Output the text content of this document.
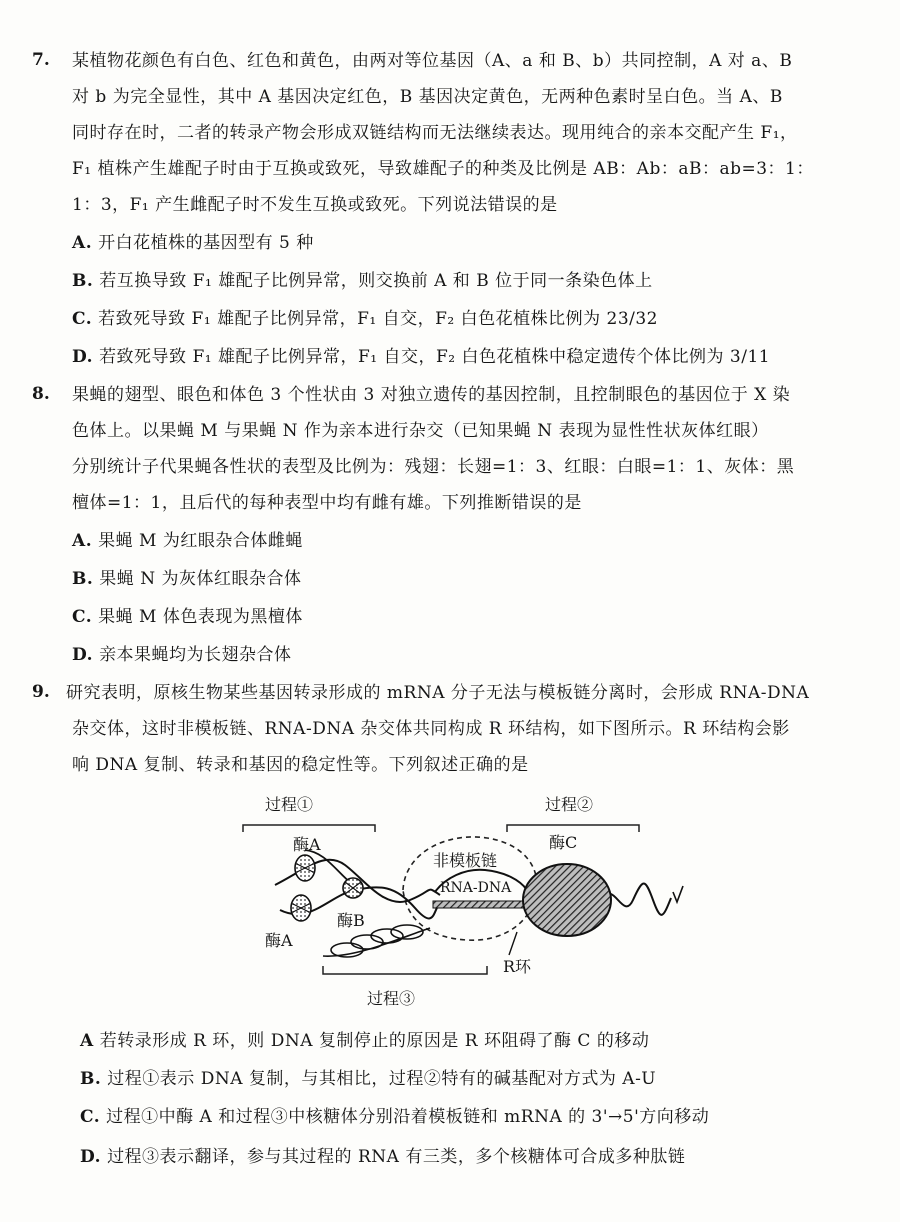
7. 某植物花颜色有白色、红色和黄色，由两对等位基因（A、a 和 B、b）共同控制，A 对 a、B
对 b 为完全显性，其中 A 基因决定红色，B 基因决定黄色，无两种色素时呈白色。当 A、B
同时存在时，二者的转录产物会形成双链结构而无法继续表达。现用纯合的亲本交配产生 F₁，
F₁ 植株产生雄配子时由于互换或致死，导致雄配子的种类及比例是 AB：Ab：aB：ab=3：1：
1：3，F₁ 产生雌配子时不发生互换或致死。下列说法错误的是
A. 开白花植株的基因型有 5 种
B. 若互换导致 F₁ 雄配子比例异常，则交换前 A 和 B 位于同一条染色体上
C. 若致死导致 F₁ 雄配子比例异常，F₁ 自交，F₂ 白色花植株比例为 23/32
D. 若致死导致 F₁ 雄配子比例异常，F₁ 自交，F₂ 白色花植株中稳定遗传个体比例为 3/11
8. 果蝇的翅型、眼色和体色 3 个性状由 3 对独立遗传的基因控制，且控制眼色的基因位于 X 染
色体上。以果蝇 M 与果蝇 N 作为亲本进行杂交（已知果蝇 N 表现为显性性状灰体红眼）
分别统计子代果蝇各性状的表型及比例为：残翅：长翅=1：3、红眼：白眼=1：1、灰体：黑
檀体=1：1，且后代的每种表型中均有雌有雄。下列推断错误的是
A. 果蝇 M 为红眼杂合体雌蝇
B. 果蝇 N 为灰体红眼杂合体
C. 果蝇 M 体色表现为黑檀体
D. 亲本果蝇均为长翅杂合体
9. 研究表明，原核生物某些基因转录形成的 mRNA 分子无法与模板链分离时，会形成 RNA-DNA
杂交体，这时非模板链、RNA-DNA 杂交体共同构成 R 环结构，如下图所示。R 环结构会影
响 DNA 复制、转录和基因的稳定性等。下列叙述正确的是
过程①	过程②
过程③
酶A
酶A
酶B
酶C
非模板链
RNA-DNA
R环
A 若转录形成 R 环，则 DNA 复制停止的原因是 R 环阻碍了酶 C 的移动
B. 过程①表示 DNA 复制，与其相比，过程②特有的碱基配对方式为 A-U
C. 过程①中酶 A 和过程③中核糖体分别沿着模板链和 mRNA 的 3'→5'方向移动
D. 过程③表示翻译，参与其过程的 RNA 有三类，多个核糖体可合成多种肽链
